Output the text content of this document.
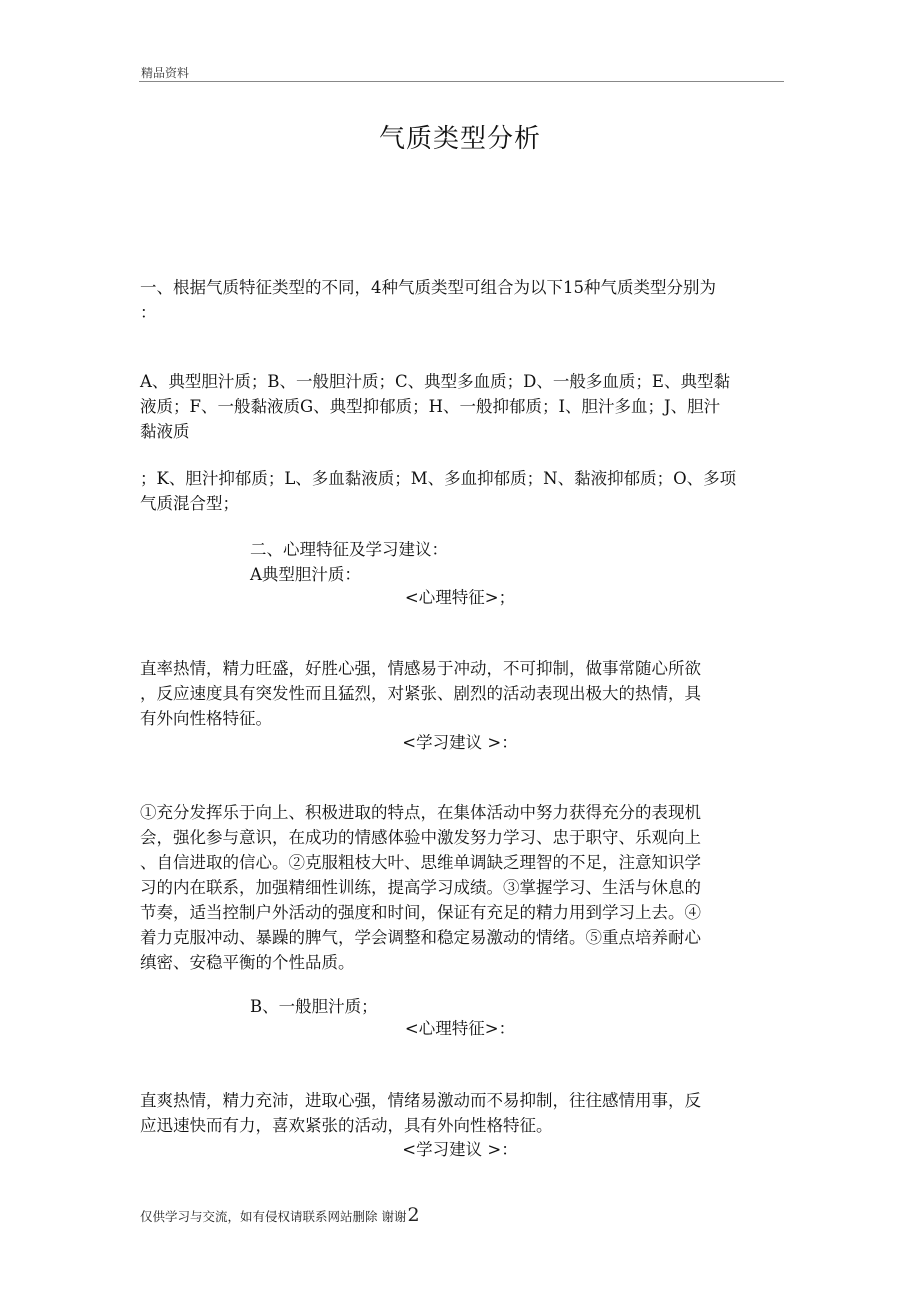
精品资料
气质类型分析
一、根据气质特征类型的不同，4种气质类型可组合为以下15种气质类型分别为
：
A、典型胆汁质；B、一般胆汁质；C、典型多血质；D、一般多血质；E、典型黏
液质；F、一般黏液质G、典型抑郁质；H、一般抑郁质；I、胆汁多血；J、胆汁
黏液质
；K、胆汁抑郁质；L、多血黏液质；M、多血抑郁质；N、黏液抑郁质；O、多项
气质混合型；
二、心理特征及学习建议：
A典型胆汁质：
<心理特征>；
直率热情，精力旺盛，好胜心强，情感易于冲动，不可抑制，做事常随心所欲
，反应速度具有突发性而且猛烈，对紧张、剧烈的活动表现出极大的热情，具
有外向性格特征。
<学习建议 >：
①充分发挥乐于向上、积极进取的特点，在集体活动中努力获得充分的表现机
会，强化参与意识，在成功的情感体验中激发努力学习、忠于职守、乐观向上
、自信进取的信心。②克服粗枝大叶、思维单调缺乏理智的不足，注意知识学
习的内在联系，加强精细性训练，提高学习成绩。③掌握学习、生活与休息的
节奏，适当控制户外活动的强度和时间，保证有充足的精力用到学习上去。④
着力克服冲动、暴躁的脾气，学会调整和稳定易激动的情绪。⑤重点培养耐心
缜密、安稳平衡的个性品质。
B、一般胆汁质；
<心理特征>：
直爽热情，精力充沛，进取心强，情绪易激动而不易抑制，往往感情用事，反
应迅速快而有力，喜欢紧张的活动，具有外向性格特征。
<学习建议 >：
仅供学习与交流，如有侵权请联系网站删除 谢谢2
